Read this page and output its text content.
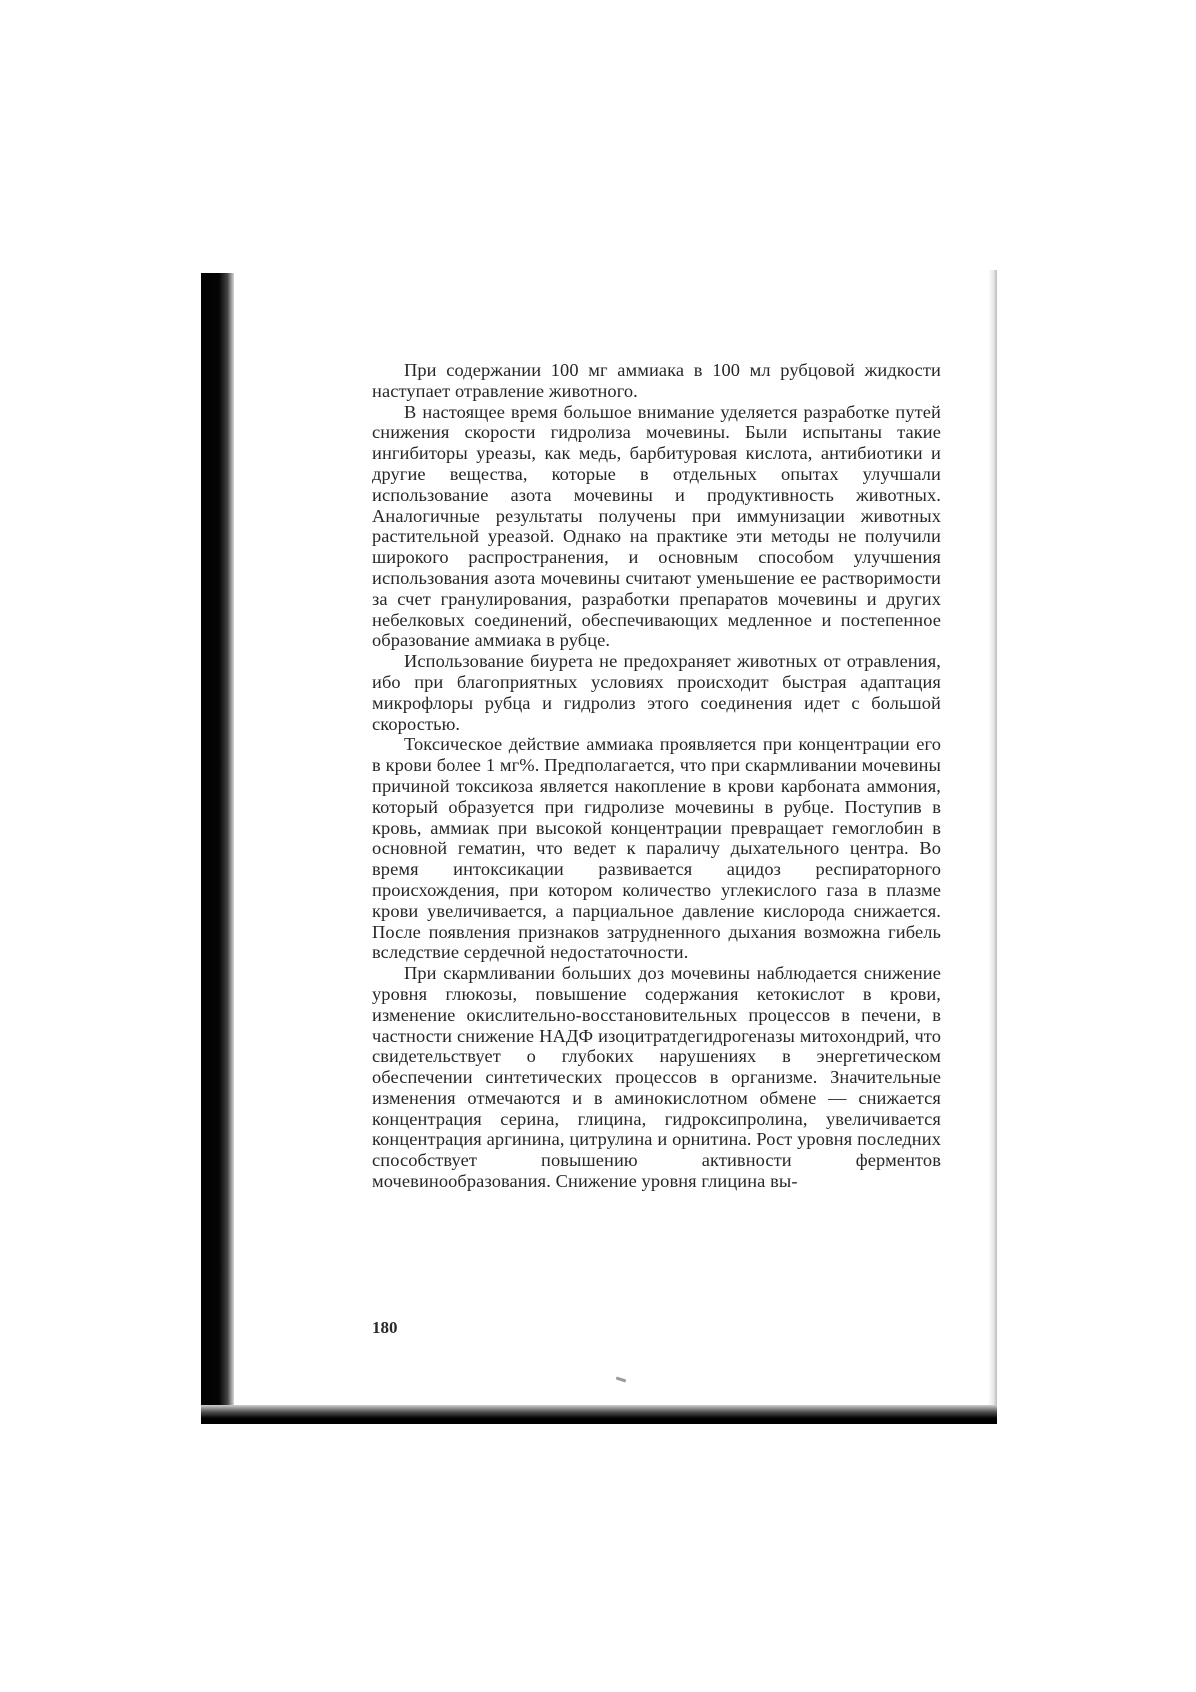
При содержании 100 мг аммиака в 100 мл рубцовой жидкости наступает отравление животного.

В настоящее время большое внимание уделяется разработке путей снижения скорости гидролиза мочевины. Были испытаны такие ингибиторы уреазы, как медь, барбитуровая кислота, антибиотики и другие вещества, которые в отдельных опытах улучшали использование азота мочевины и продуктивность животных. Аналогичные результаты получены при иммунизации животных растительной уреазой. Однако на практике эти методы не получили широкого распространения, и основным способом улучшения использования азота мочевины считают уменьшение ее растворимости за счет гранулирования, разработки препаратов мочевины и других небелковых соединений, обеспечивающих медленное и постепенное образование аммиака в рубце.

Использование биурета не предохраняет животных от отравления, ибо при благоприятных условиях происходит быстрая адаптация микрофлоры рубца и гидролиз этого соединения идет с большой скоростью.

Токсическое действие аммиака проявляется при концентрации его в крови более 1 мг%. Предполагается, что при скармливании мочевины причиной токсикоза является накопление в крови карбоната аммония, который образуется при гидролизе мочевины в рубце. Поступив в кровь, аммиак при высокой концентрации превращает гемоглобин в основной гематин, что ведет к параличу дыхательного центра. Во время интоксикации развивается ацидоз респираторного происхождения, при котором количество углекислого газа в плазме крови увеличивается, а парциальное давление кислорода снижается. После появления признаков затрудненного дыхания возможна гибель вследствие сердечной недостаточности.

При скармливании больших доз мочевины наблюдается снижение уровня глюкозы, повышение содержания кетокислот в крови, изменение окислительно-восстановительных процессов в печени, в частности снижение НАДФ изоцитратдегидрогеназы митохондрий, что свидетельствует о глубоких нарушениях в энергетическом обеспечении синтетических процессов в организме. Значительные изменения отмечаются и в аминокислотном обмене — снижается концентрация серина, глицина, гидроксипролина, увеличивается концентрация аргинина, цитрулина и орнитина. Рост уровня последних способствует повышению активности ферментов мочевинообразования. Снижение уровня глицина вы-

180
